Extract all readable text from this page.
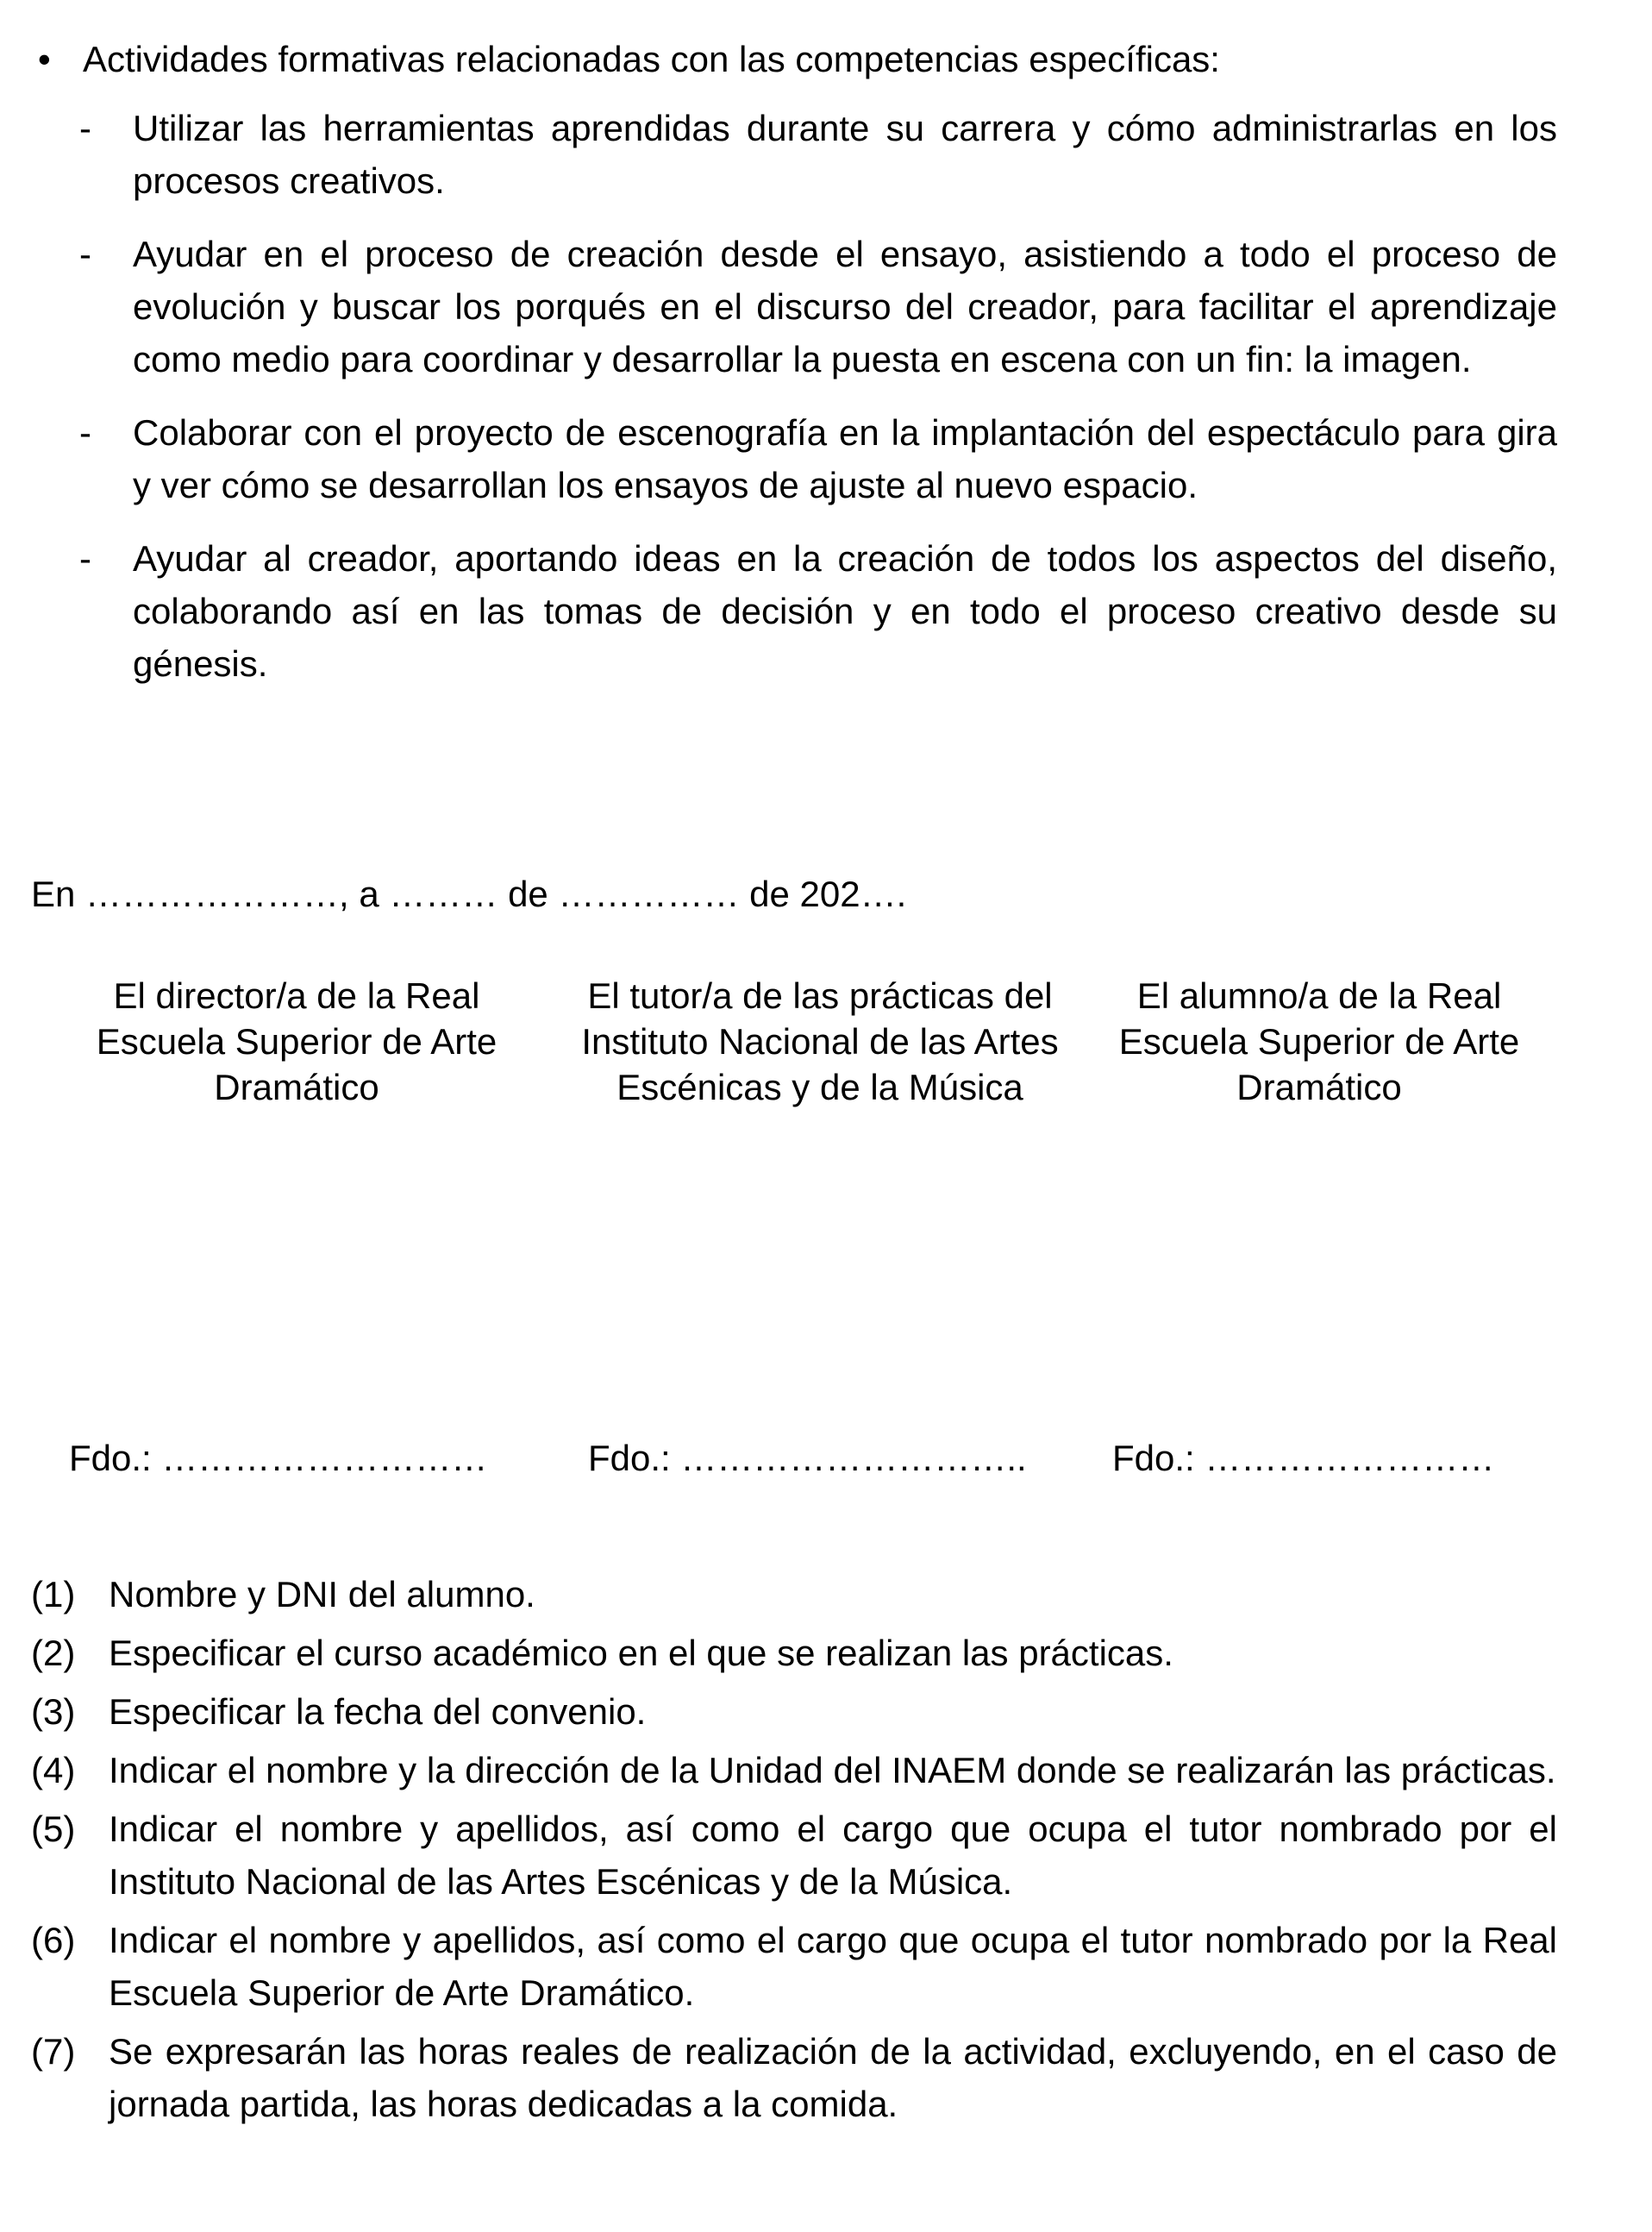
• Actividades formativas relacionadas con las competencias específicas:
- Utilizar las herramientas aprendidas durante su carrera y cómo administrarlas en los procesos creativos.
- Ayudar en el proceso de creación desde el ensayo, asistiendo a todo el proceso de evolución y buscar los porqués en el discurso del creador, para facilitar el aprendizaje como medio para coordinar y desarrollar la puesta en escena con un fin: la imagen.
- Colaborar con el proyecto de escenografía en la implantación del espectáculo para gira y ver cómo se desarrollan los ensayos de ajuste al nuevo espacio.
- Ayudar al creador, aportando ideas en la creación de todos los aspectos del diseño, colaborando así en las tomas de decisión y en todo el proceso creativo desde su génesis.
En …………………, a ……… de …………… de 202….
El director/a de la Real Escuela Superior de Arte Dramático
El tutor/a de las prácticas del Instituto Nacional de las Artes Escénicas y de la Música
El alumno/a de la Real Escuela Superior de Arte Dramático
Fdo.: ………………………	Fdo.: ……………………….. Fdo.: ……………………
(1) Nombre y DNI del alumno.
(2) Especificar el curso académico en el que se realizan las prácticas.
(3) Especificar la fecha del convenio.
(4) Indicar el nombre y la dirección de la Unidad del INAEM donde se realizarán las prácticas.
(5) Indicar el nombre y apellidos, así como el cargo que ocupa el tutor nombrado por el Instituto Nacional de las Artes Escénicas y de la Música.
(6) Indicar el nombre y apellidos, así como el cargo que ocupa el tutor nombrado por la Real Escuela Superior de Arte Dramático.
(7) Se expresarán las horas reales de realización de la actividad, excluyendo, en el caso de jornada partida, las horas dedicadas a la comida.
